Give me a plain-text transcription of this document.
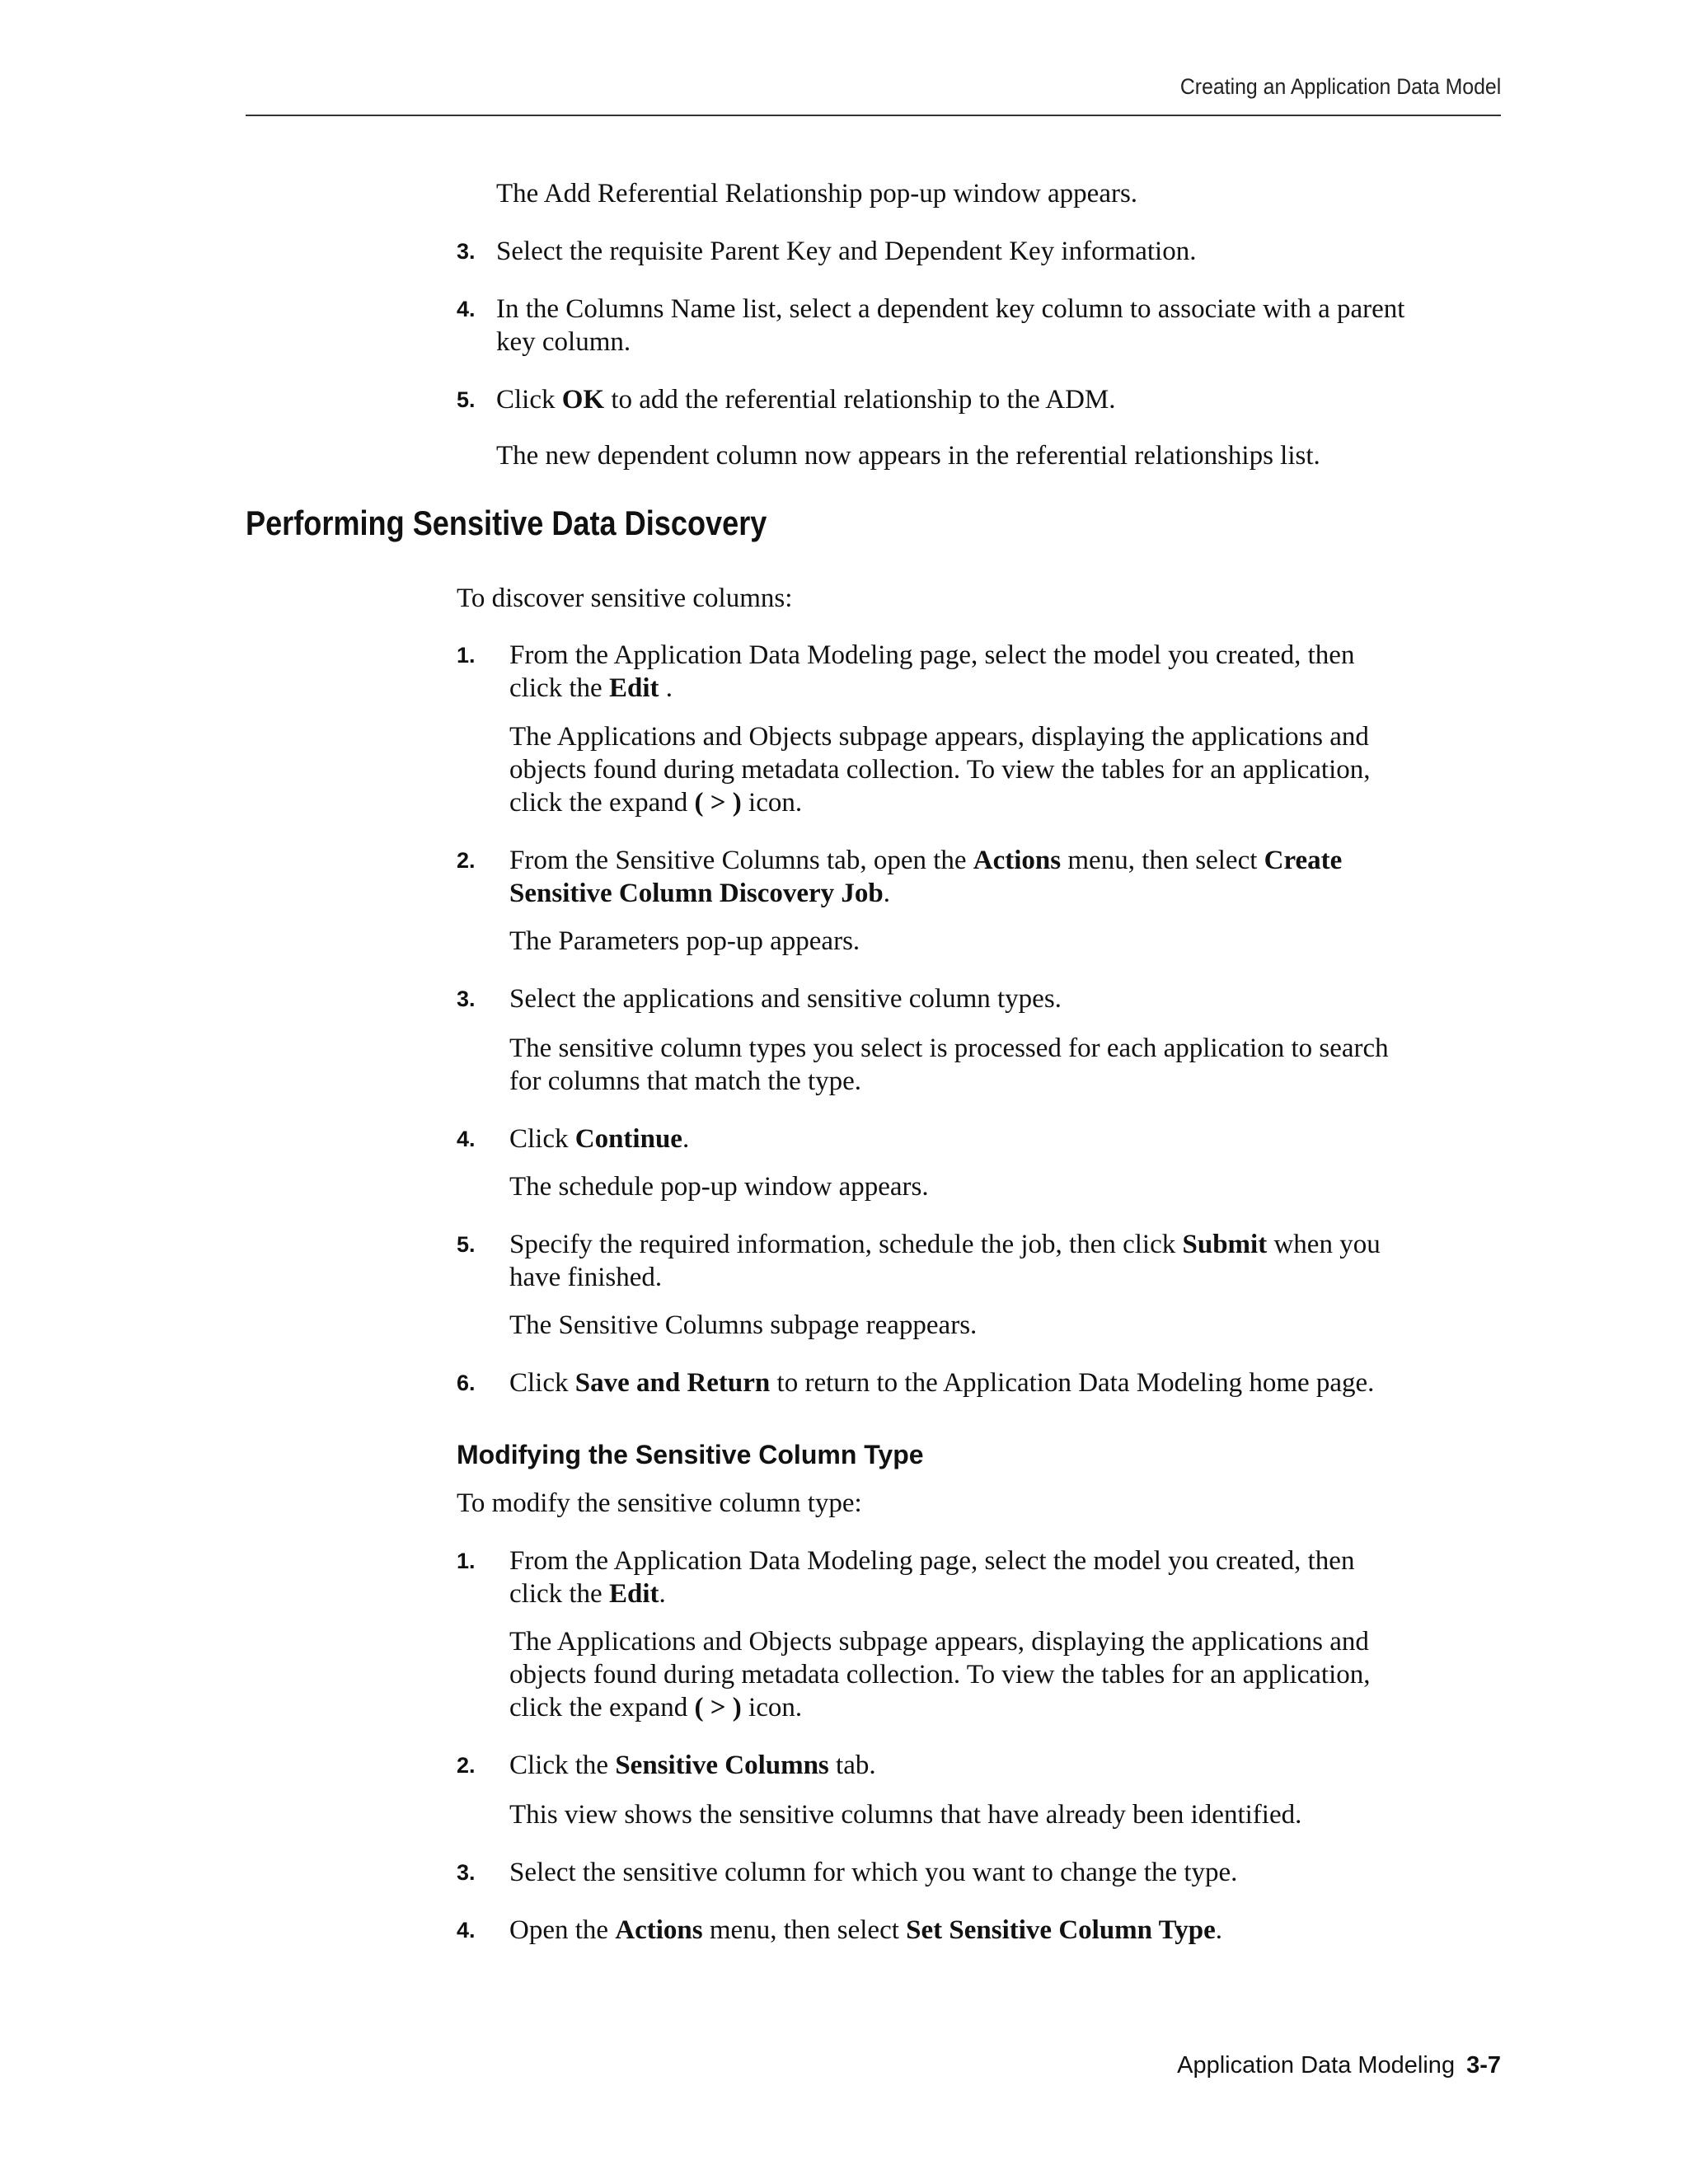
Creating an Application Data Model

The Add Referential Relationship pop-up window appears.

3. Select the requisite Parent Key and Dependent Key information.

4. In the Columns Name list, select a dependent key column to associate with a parent

key column.

5. Click OK to add the referential relationship to the ADM.

The new dependent column now appears in the referential relationships list.

Performing Sensitive Data Discovery

To discover sensitive columns:

1. From the Application Data Modeling page, select the model you created, then

click the Edit .

The Applications and Objects subpage appears, displaying the applications and

objects found during metadata collection. To view the tables for an application,

click the expand ( > ) icon.

2. From the Sensitive Columns tab, open the Actions menu, then select Create

Sensitive Column Discovery Job.

The Parameters pop-up appears.

3. Select the applications and sensitive column types.

The sensitive column types you select is processed for each application to search

for columns that match the type.

4. Click Continue.

The schedule pop-up window appears.

5. Specify the required information, schedule the job, then click Submit when you

have finished.

The Sensitive Columns subpage reappears.

6. Click Save and Return to return to the Application Data Modeling home page.

Modifying the Sensitive Column Type

To modify the sensitive column type:

1. From the Application Data Modeling page, select the model you created, then

click the Edit.

The Applications and Objects subpage appears, displaying the applications and

objects found during metadata collection. To view the tables for an application,

click the expand ( > ) icon.

2. Click the Sensitive Columns tab.

This view shows the sensitive columns that have already been identified.

3. Select the sensitive column for which you want to change the type.

4. Open the Actions menu, then select Set Sensitive Column Type.

Application Data Modeling 3-7
